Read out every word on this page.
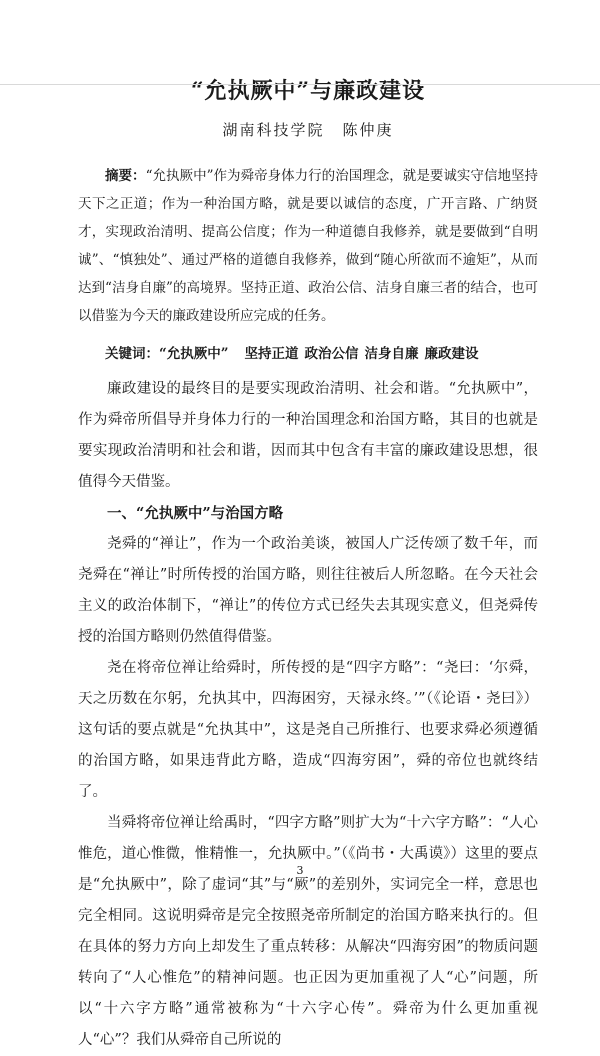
“允执厥中”与廉政建设
湖南科技学院 陈仲庚
摘要：“允执厥中”作为舜帝身体力行的治国理念，就是要诚实守信地坚持天下之正道；作为一种治国方略，就是要以诚信的态度，广开言路、广纳贤才，实现政治清明、提高公信度；作为一种道德自我修养，就是要做到“自明诚”、“慎独处”、通过严格的道德自我修养，做到“随心所欲而不逾矩”，从而达到“洁身自廉”的高境界。坚持正道、政治公信、洁身自廉三者的结合，也可以借鉴为今天的廉政建设所应完成的任务。
关键词：“允执厥中” 坚持正道 政治公信 洁身自廉 廉政建设

廉政建设的最终目的是要实现政治清明、社会和谐。“允执厥中”，作为舜帝所倡导并身体力行的一种治国理念和治国方略，其目的也就是要实现政治清明和社会和谐，因而其中包含有丰富的廉政建设思想，很值得今天借鉴。

一、“允执厥中”与治国方略

尧舜的“禅让”，作为一个政治美谈，被国人广泛传颂了数千年，而尧舜在“禅让”时所传授的治国方略，则往往被后人所忽略。在今天社会主义的政治体制下，“禅让”的传位方式已经失去其现实意义，但尧舜传授的治国方略则仍然值得借鉴。

尧在将帝位禅让给舜时，所传授的是“四字方略”：“尧曰：‘尔舜，天之历数在尔躬，允执其中，四海困穷，天禄永终。’”（《论语・尧曰》）这句话的要点就是“允执其中”，这是尧自己所推行、也要求舜必须遵循的治国方略，如果违背此方略，造成“四海穷困”，舜的帝位也就终结了。

当舜将帝位禅让给禹时，“四字方略”则扩大为“十六字方略”：“人心惟危，道心惟微，惟精惟一，允执厥中。”（《尚书・大禹谟》）这里的要点是“允执厥中”，除了虚词“其”与“厥”的差别外，实词完全一样，意思也完全相同。这说明舜帝是完全按照尧帝所制定的治国方略来执行的。但在具体的努力方向上却发生了重点转移：从解决“四海穷困”的物质问题转向了“人心惟危”的精神问题。也正因为更加重视了人“心”问题，所以“十六字方略”通常被称为“十六字心传”。舜帝为什么更加重视人“心”？我们从舜帝自己所说的

3
